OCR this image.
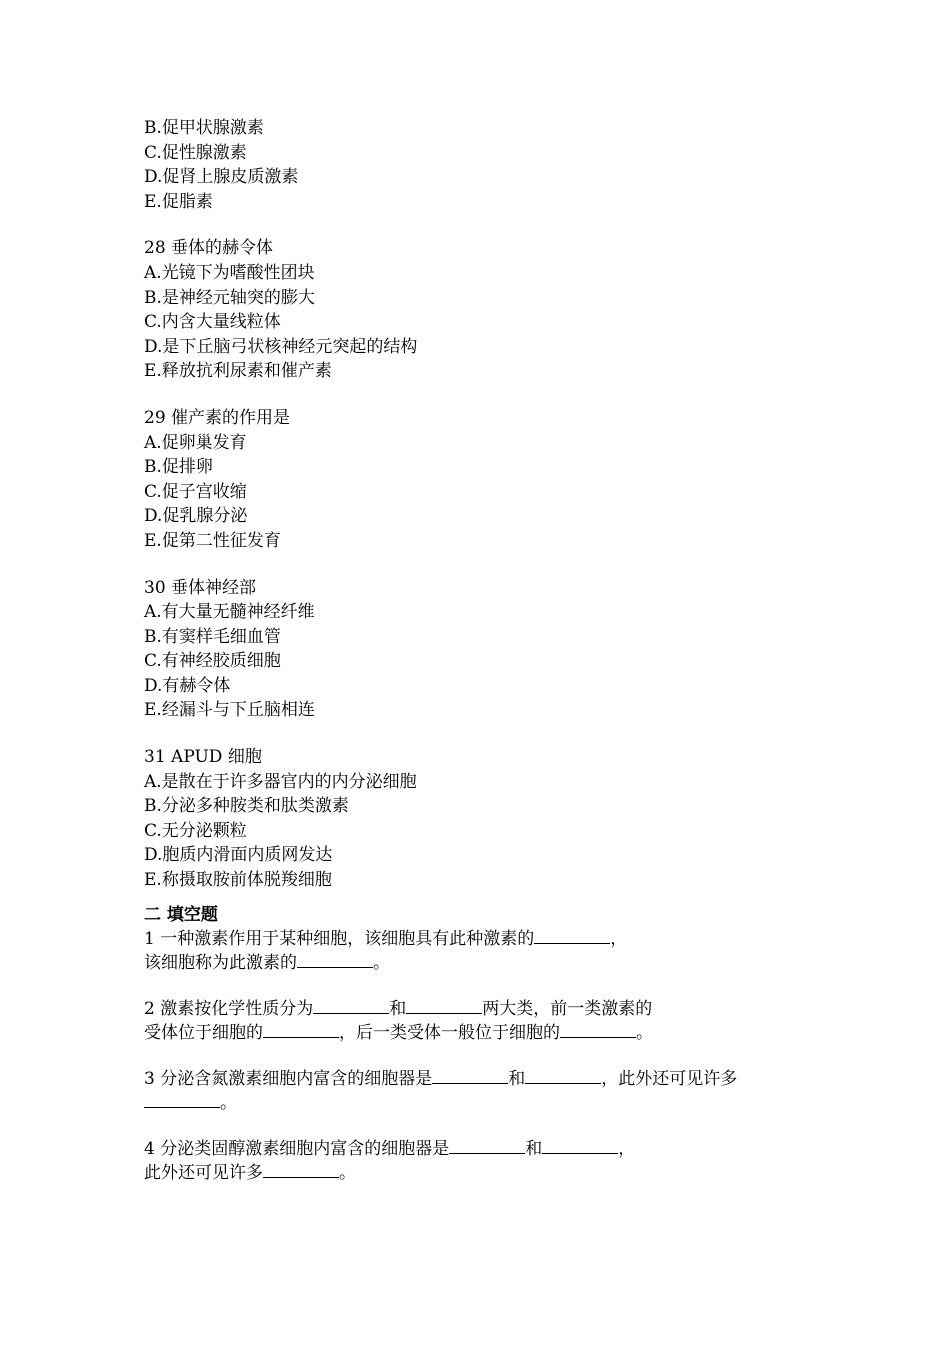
B.促甲状腺激素
C.促性腺激素
D.促肾上腺皮质激素
E.促脂素
28 垂体的赫令体
A.光镜下为嗜酸性团块
B.是神经元轴突的膨大
C.内含大量线粒体
D.是下丘脑弓状核神经元突起的结构
E.释放抗利尿素和催产素
29 催产素的作用是
A.促卵巢发育
B.促排卵
C.促子宫收缩
D.促乳腺分泌
E.促第二性征发育
30 垂体神经部
A.有大量无髓神经纤维
B.有窦样毛细血管
C.有神经胶质细胞
D.有赫令体
E.经漏斗与下丘脑相连
31 APUD 细胞
A.是散在于许多器官内的内分泌细胞
B.分泌多种胺类和肽类激素
C.无分泌颗粒
D.胞质内滑面内质网发达
E.称摄取胺前体脱羧细胞
二 填空题
1 一种激素作用于某种细胞，该细胞具有此种激素的	，
该细胞称为此激素的	。
2 激素按化学性质分为	和	两大类，前一类激素的
受体位于细胞的	，后一类受体一般位于细胞的	。
3 分泌含氮激素细胞内富含的细胞器是	和	，此外还可见许多
。
4 分泌类固醇激素细胞内富含的细胞器是	和	，
此外还可见许多	。
